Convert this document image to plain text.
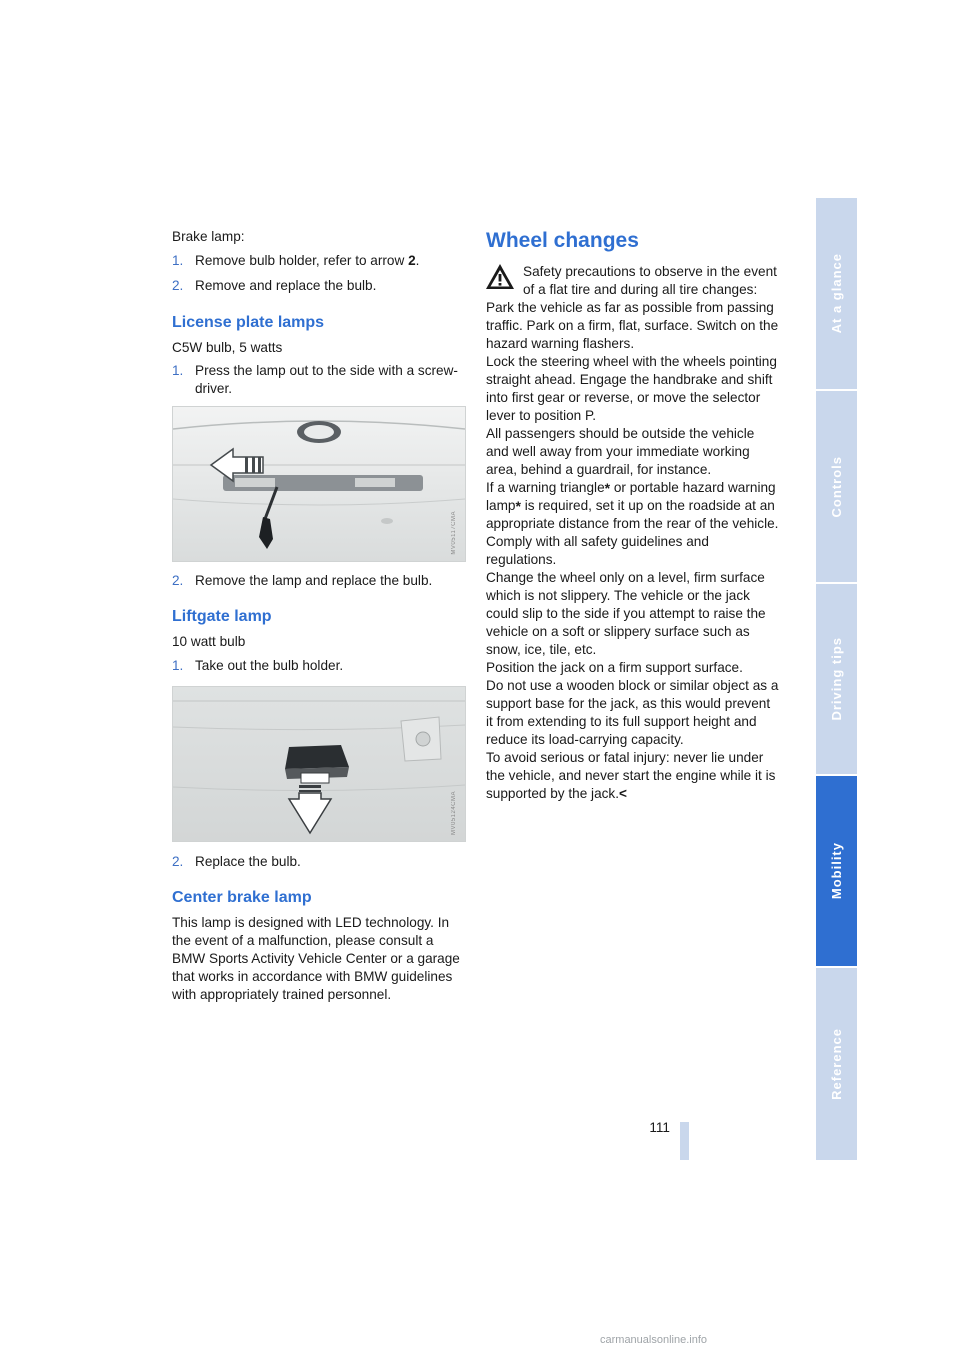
Brake lamp:

1. Remove bulb holder, refer to arrow 2.
2. Remove and replace the bulb.
License plate lamps

C5W bulb, 5 watts

1. Press the lamp out to the side with a screw-driver.
MV05117CMA
2. Remove the lamp and replace the bulb.
Liftgate lamp

10 watt bulb

1. Take out the bulb holder.
MV05124CMA
2. Replace the bulb.
Center brake lamp

This lamp is designed with LED technology. In the event of a malfunction, please consult a BMW Sports Activity Vehicle Center or a garage that works in accordance with BMW guidelines with appropriately trained personnel.

Wheel changes
Safety precautions to observe in the event of a flat tire and during all tire changes:

Park the vehicle as far as possible from passing traffic. Park on a firm, flat, surface. Switch on the hazard warning flashers.

Lock the steering wheel with the wheels pointing straight ahead. Engage the handbrake and shift into first gear or reverse, or move the selector lever to position P.

All passengers should be outside the vehicle and well away from your immediate working area, behind a guardrail, for instance.

If a warning triangle* or portable hazard warning lamp* is required, set it up on the roadside at an appropriate distance from the rear of the vehicle. Comply with all safety guidelines and regulations.

Change the wheel only on a level, firm surface which is not slippery. The vehicle or the jack could slip to the side if you attempt to raise the vehicle on a soft or slippery surface such as snow, ice, tile, etc.

Position the jack on a firm support surface.

Do not use a wooden block or similar object as a support base for the jack, as this would prevent it from extending to its full support height and reduce its load-carrying capacity.

To avoid serious or fatal injury: never lie under the vehicle, and never start the engine while it is supported by the jack.<

At a glance
Controls
Driving tips
Mobility
Reference
111
carmanualsonline.info
